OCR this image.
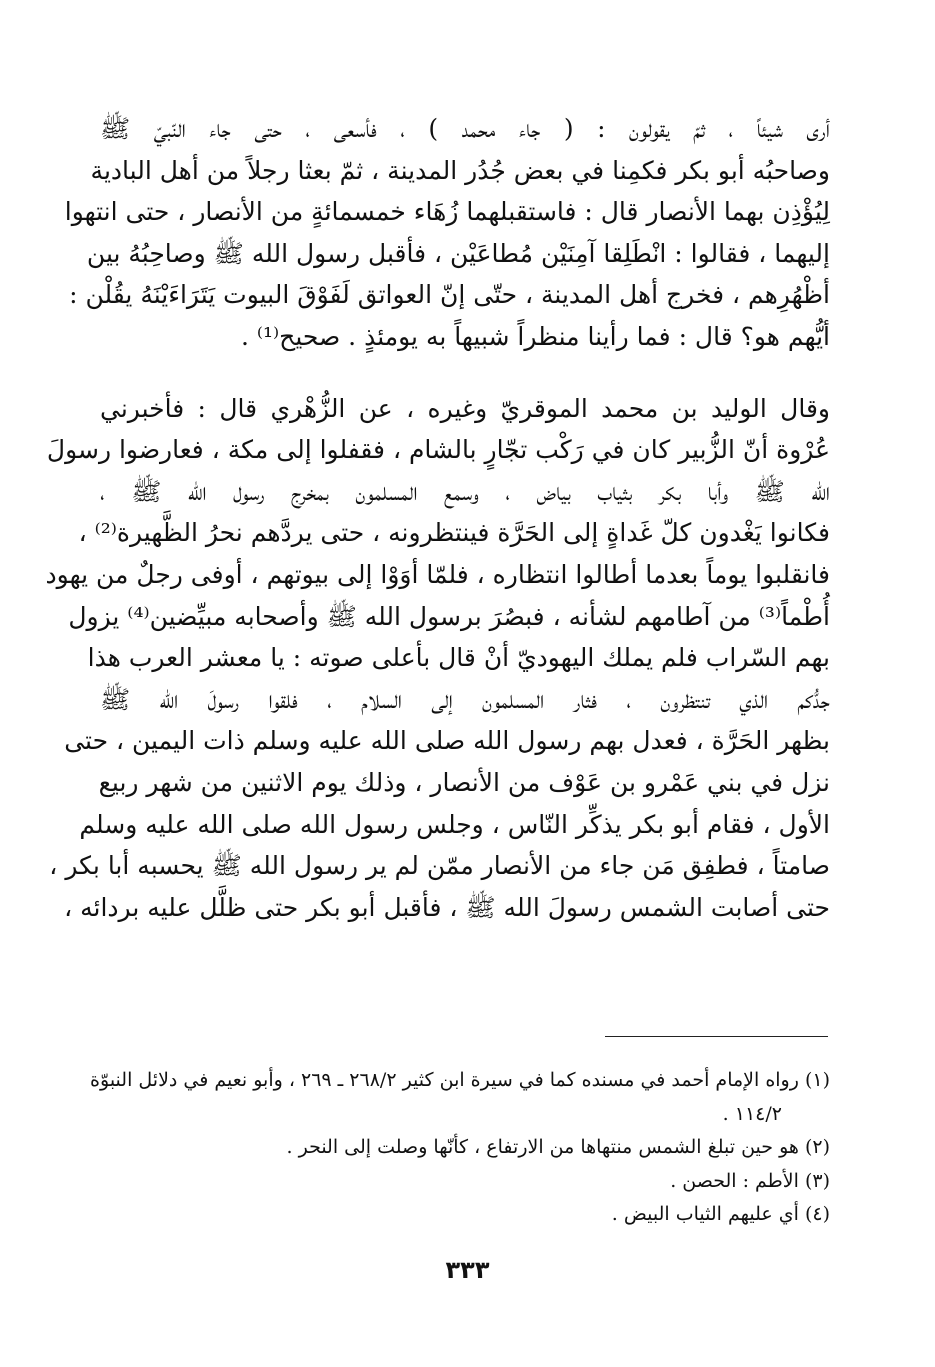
أرى شيئاً ، ثمّ يقولون : ( جاء محمد ) ، فأسعى ، حتى جاء النّبيّ ﷺ
وصاحبُه أبو بكر فكمِنا في بعض جُدُر المدينة ، ثمّ بعثا رجلاً من أهل البادية
لِيُؤْذِن بهما الأنصار قال : فاستقبلهما زُهَاء خمسمائةٍ من الأنصار ، حتى انتهوا
إليهما ، فقالوا : انْطَلِقا آمِنَيْن مُطاعَيْن ، فأقبل رسول الله ﷺ وصاحِبُهُ بين
أظْهُرِهم ، فخرج أهل المدينة ، حتّى إنّ العواتق لَفَوْقَ البيوت يَتَرَاءَيْنَهُ يقُلْن :
أيُّهم هو؟ قال : فما رأينا منظراً شبيهاً به يومئذٍ . صحيح⁽¹⁾ .
وقال الوليد بن محمد الموقريّ وغيره ، عن الزُّهْري قال : فأخبرني
عُرْوة أنّ الزُّبير كان في رَكْب تجّارٍ بالشام ، فقفلوا إلى مكة ، فعارضوا رسولَ
الله ﷺ وأبا بكر بثياب بياض ، وسمع المسلمون بمخرج رسول الله ﷺ ،
فكانوا يَغْدون كلّ غَداةٍ إلى الحَرَّة فينتظرونه ، حتى يردَّهم نحرُ الظَّهيرة⁽²⁾ ،
فانقلبوا يوماً بعدما أطالوا انتظاره ، فلمّا أوَوْا إلى بيوتهم ، أوفى رجلٌ من يهود
أُطْماً⁽³⁾ من آطامهم لشأنه ، فبصُرَ برسول الله ﷺ وأصحابه مبيِّضين⁽⁴⁾ يزول
بهم السّراب فلم يملك اليهوديّ أنْ قال بأعلى صوته : يا معشر العرب هذا
جدُّكم الذي تنتظرون ، فثار المسلمون إلى السلام ، فلقوا رسولَ الله ﷺ
بظهر الحَرَّة ، فعدل بهم رسول الله صلى الله عليه وسلم ذات اليمين ، حتى
نزل في بني عَمْرو بن عَوْف من الأنصار ، وذلك يوم الاثنين من شهر ربيع
الأول ، فقام أبو بكر يذكِّر النّاس ، وجلس رسول الله صلى الله عليه وسلم
صامتاً ، فطفِق مَن جاء من الأنصار ممّن لم ير رسول الله ﷺ يحسبه أبا بكر ،
حتى أصابت الشمس رسولَ الله ﷺ ، فأقبل أبو بكر حتى ظلَّل عليه بردائه ،
(١) رواه الإمام أحمد في مسنده كما في سيرة ابن كثير ٢٦٨/٢ ـ ٢٦٩ ، وأبو نعيم في دلائل النبوّة
١١٤/٢ .
(٢) هو حين تبلغ الشمس منتهاها من الارتفاع ، كأنّها وصلت إلى النحر .
(٣) الأطم : الحصن .
(٤) أي عليهم الثياب البيض .
٣٣٣
